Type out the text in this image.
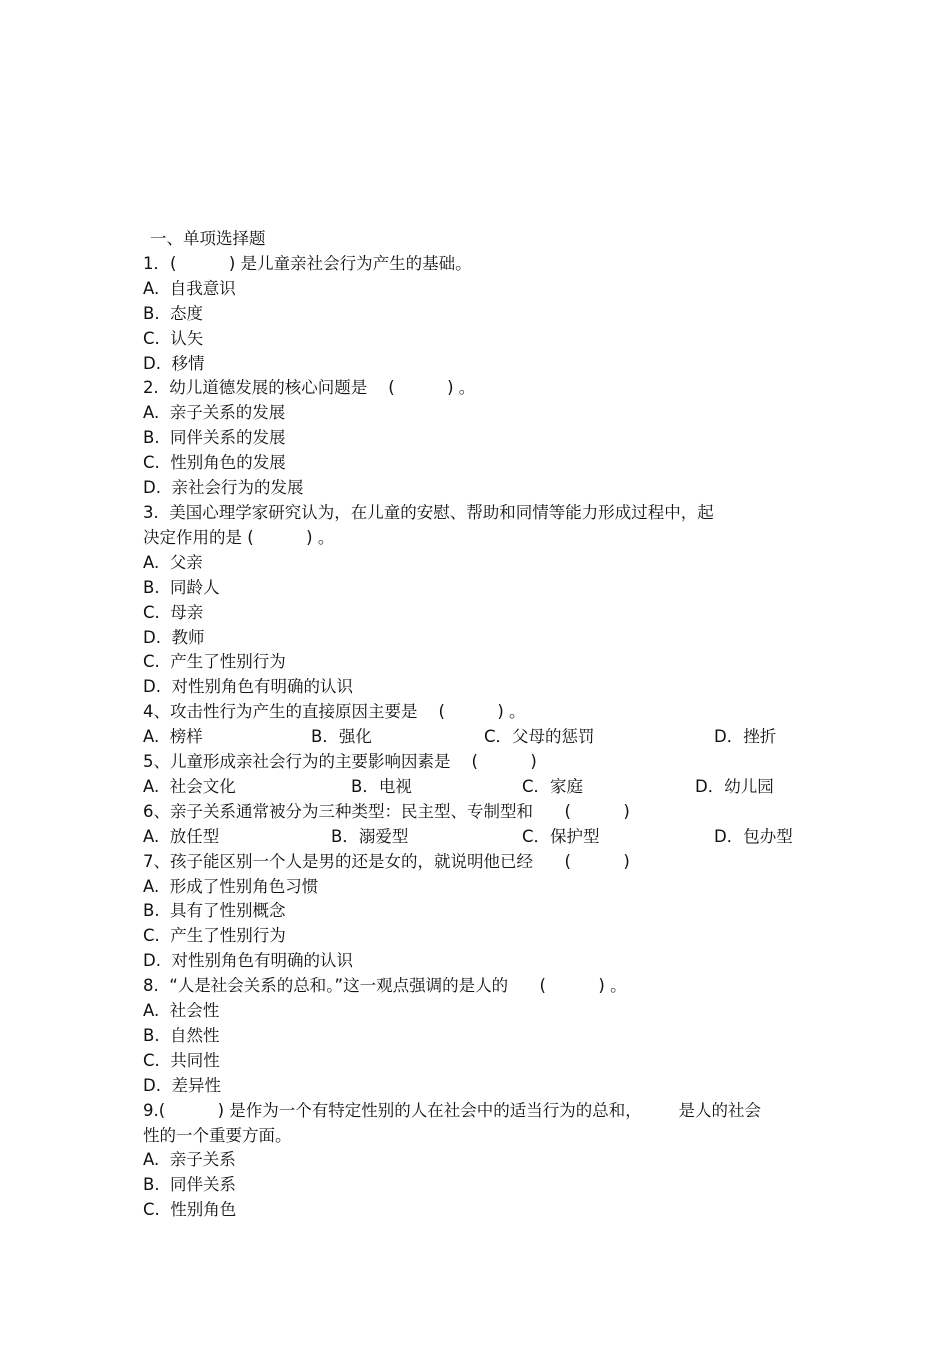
一、单项选择题
1．(          ) 是儿童亲社会行为产生的基础。
A.  自我意识
B.  态度
C.  认矢
D.  移情
2.  幼儿道德发展的核心问题是    (          ) 。
A.  亲子关系的发展
B.  同伴关系的发展
C.  性别角色的发展
D.  亲社会行为的发展
3.  美国心理学家研究认为，在儿童的安慰、帮助和同情等能力形成过程中，起
决定作用的是 (          ) 。
A.  父亲
B.  同龄人
C.  母亲
D.  教师
C.  产生了性别行为
D.  对性别角色有明确的认识
4、攻击性行为产生的直接原因主要是    (          ) 。
A.  榜样	B．强化	C．父母的惩罚	D．挫折
5、儿童形成亲社会行为的主要影响因素是    (          )
A.  社会文化	B．电视	C．家庭	D．幼儿园
6、亲子关系通常被分为三种类型：民主型、专制型和      (          )
A.  放任型	B．溺爱型	C．保护型	D．包办型
7、孩子能区别一个人是男的还是女的，就说明他已经      (          )
A.  形成了性别角色习惯
B.  具有了性别概念
C.  产生了性别行为
D.  对性别角色有明确的认识
8.  “人是社会关系的总和。”这一观点强调的是人的      (          ) 。
A.  社会性
B.  自然性
C.  共同性
D.  差异性
9.(          ) 是作为一个有特定性别的人在社会中的适当行为的总和，       是人的社会
性的一个重要方面。
A.  亲子关系
B.  同伴关系
C.  性别角色
